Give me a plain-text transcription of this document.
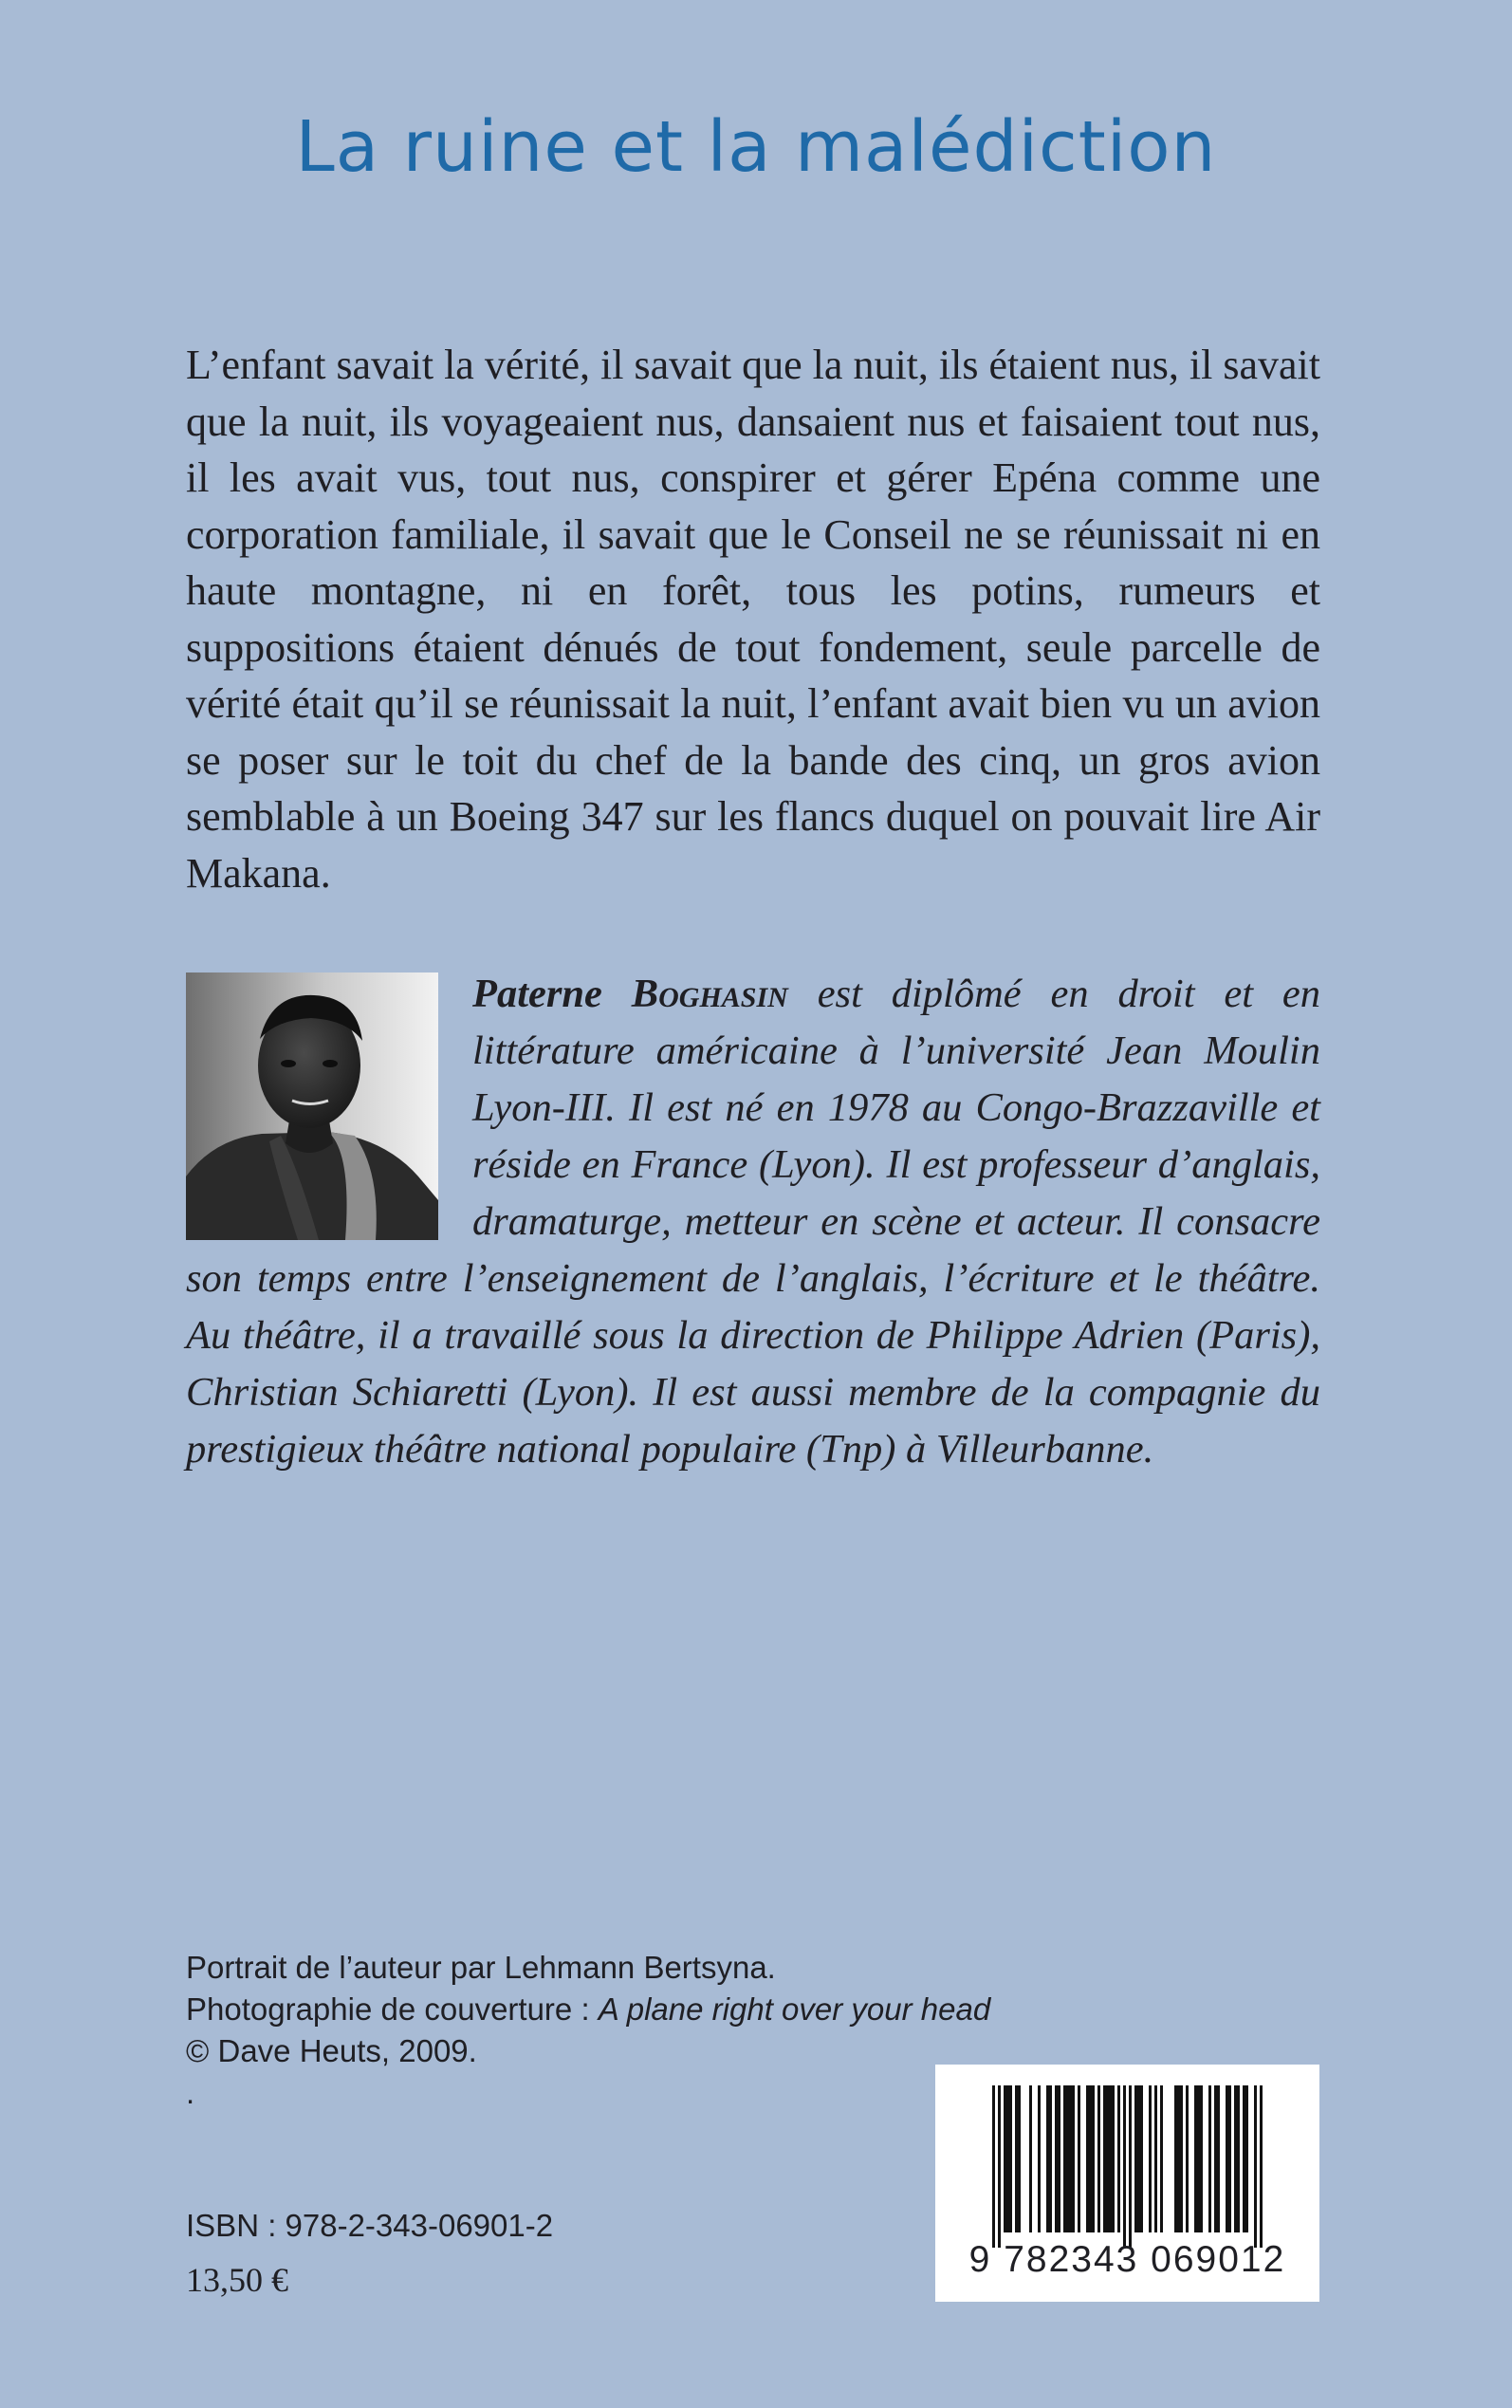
La ruine et la malédiction

L’enfant savait la vérité, il savait que la nuit, ils étaient nus, il savait que la nuit, ils voyageaient nus, dansaient nus et faisaient tout nus, il les avait vus, tout nus, conspirer et gérer Epéna comme une corporation familiale, il savait que le Conseil ne se réunissait ni en haute montagne, ni en forêt, tous les potins, rumeurs et suppositions étaient dénués de tout fondement, seule parcelle de vérité était qu’il se réunissait la nuit, l’enfant avait bien vu un avion se poser sur le toit du chef de la bande des cinq, un gros avion semblable à un Boeing 347 sur les flancs duquel on pouvait lire Air Makana.

Paterne Boghasin est diplômé en droit et en littérature américaine à l’université Jean Moulin Lyon-III. Il est né en 1978 au Congo-Brazzaville et réside en France (Lyon). Il est professeur d’anglais, dramaturge, metteur en scène et acteur. Il consacre son temps entre l’enseignement de l’anglais, l’écriture et le théâtre. Au théâtre, il a travaillé sous la direction de Philippe Adrien (Paris), Christian Schiaretti (Lyon). Il est aussi membre de la compagnie du prestigieux théâtre national populaire (Tnp) à Villeurbanne.
Portrait de l’auteur par Lehmann Bertsyna.
Photographie de couverture : A plane right over your head
© Dave Heuts, 2009.
.
ISBN : 978-2-343-06901-2
13,50 €	9 782343 069012
